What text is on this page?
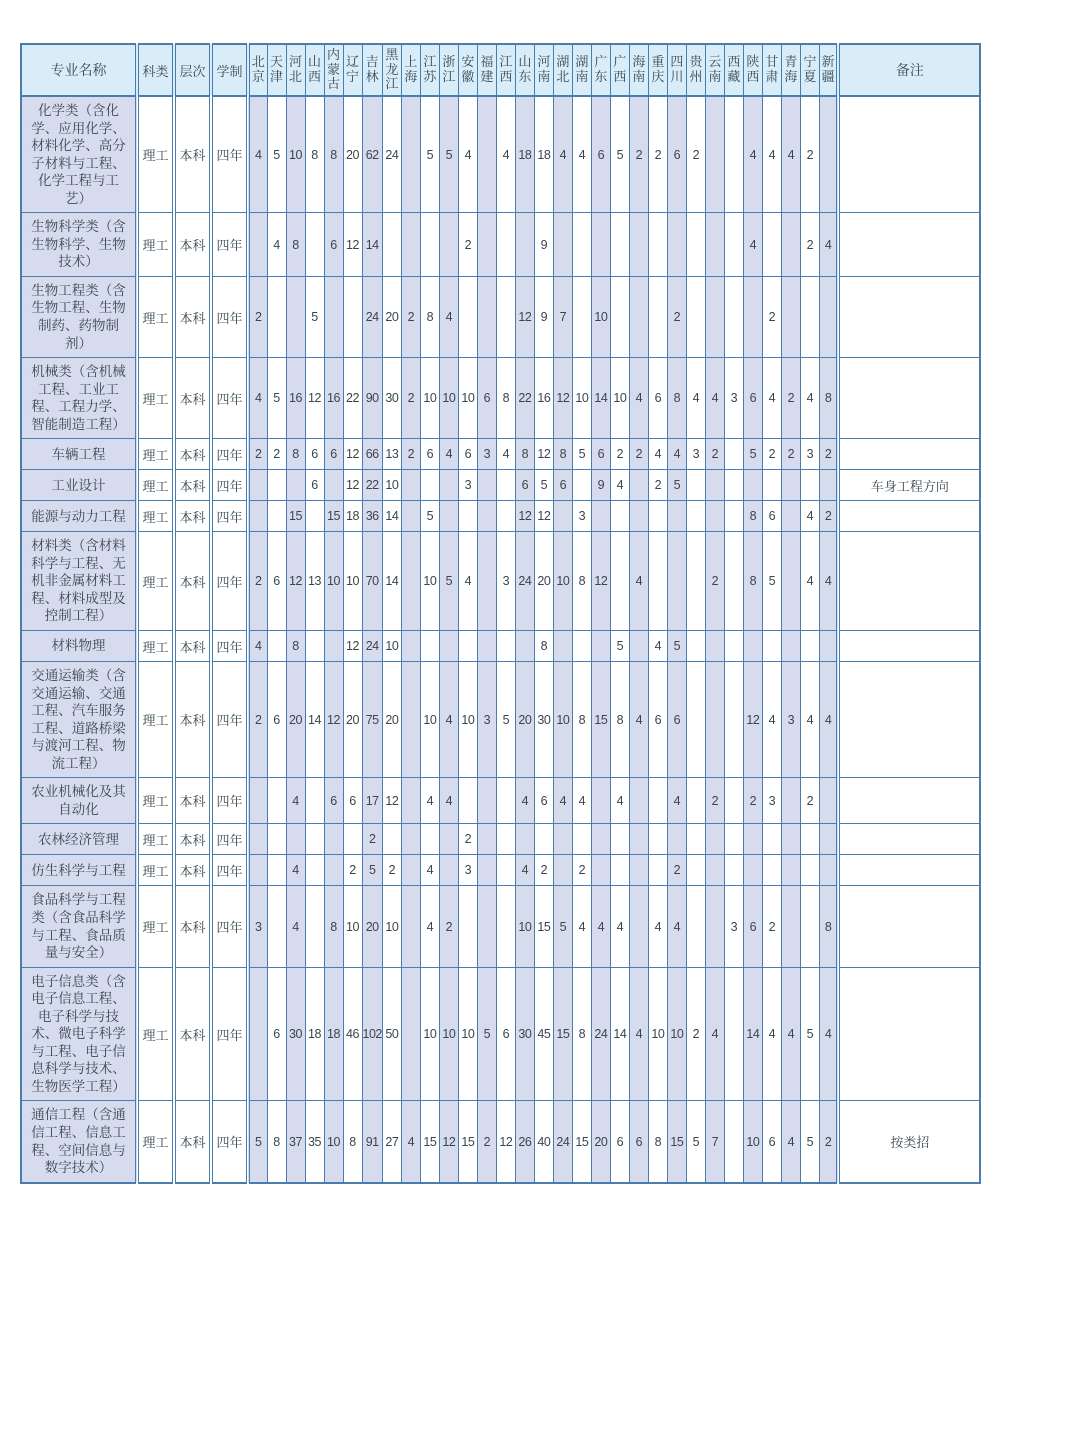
专业名称	科类	层次	学制	北京	天津	河北	山西	内蒙古	辽宁	吉林	黑龙江	上海	江苏	浙江	安徽	福建	江西	山东	河南	湖北	湖南	广东	广西	海南	重庆	四川	贵州	云南	西藏	陕西	甘肃	青海	宁夏	新疆	备注
化学类（含化学、应用化学、材料化学、高分子材料与工程、化学工程与工艺）	理工	本科	四年	4	5	10	8	8	20	62	24		5	5	4		4	18	18	4	4	6	5	2	2	6	2			4	4	4	2		
生物科学类（含生物科学、生物技术）	理工	本科	四年		4	8		6	12	14					2				9											4			2	4	
生物工程类（含生物工程、生物制药、药物制剂）	理工	本科	四年	2			5			24	20	2	8	4				12	9	7		10				2					2				
机械类（含机械工程、工业工程、工程力学、智能制造工程）	理工	本科	四年	4	5	16	12	16	22	90	30	2	10	10	10	6	8	22	16	12	10	14	10	4	6	8	4	4	3	6	4	2	4	8	
车辆工程	理工	本科	四年	2	2	8	6	6	12	66	13	2	6	4	6	3	4	8	12	8	5	6	2	2	4	4	3	2		5	2	2	3	2	
工业设计	理工	本科	四年				6		12	22	10				3			6	5	6		9	4		2	5									车身工程方向
能源与动力工程	理工	本科	四年			15		15	18	36	14		5					12	12		3									8	6		4	2	
材料类（含材料科学与工程、无机非金属材料工程、材料成型及控制工程）	理工	本科	四年	2	6	12	13	10	10	70	14		10	5	4		3	24	20	10	8	12		4				2		8	5		4	4	
材料物理	理工	本科	四年	4		8			12	24	10								8				5		4	5									
交通运输类（含交通运输、交通工程、汽车服务工程、道路桥梁与渡河工程、物流工程）	理工	本科	四年	2	6	20	14	12	20	75	20		10	4	10	3	5	20	30	10	8	15	8	4	6	6				12	4	3	4	4	
农业机械化及其自动化	理工	本科	四年			4		6	6	17	12		4	4				4	6	4	4		4			4		2		2	3		2		
农林经济管理	理工	本科	四年							2					2																				
仿生科学与工程	理工	本科	四年			4			2	5	2		4		3			4	2		2					2									
食品科学与工程类（含食品科学与工程、食品质量与安全）	理工	本科	四年	3		4		8	10	20	10		4	2				10	15	5	4	4	4		4	4			3	6	2			8	
电子信息类（含电子信息工程、电子科学与技术、微电子科学与工程、电子信息科学与技术、生物医学工程）	理工	本科	四年		6	30	18	18	46	102	50		10	10	10	5	6	30	45	15	8	24	14	4	10	10	2	4		14	4	4	5	4	
通信工程（含通信工程、信息工程、空间信息与数字技术）	理工	本科	四年	5	8	37	35	10	8	91	27	4	15	12	15	2	12	26	40	24	15	20	6	6	8	15	5	7		10	6	4	5	2	按类招
